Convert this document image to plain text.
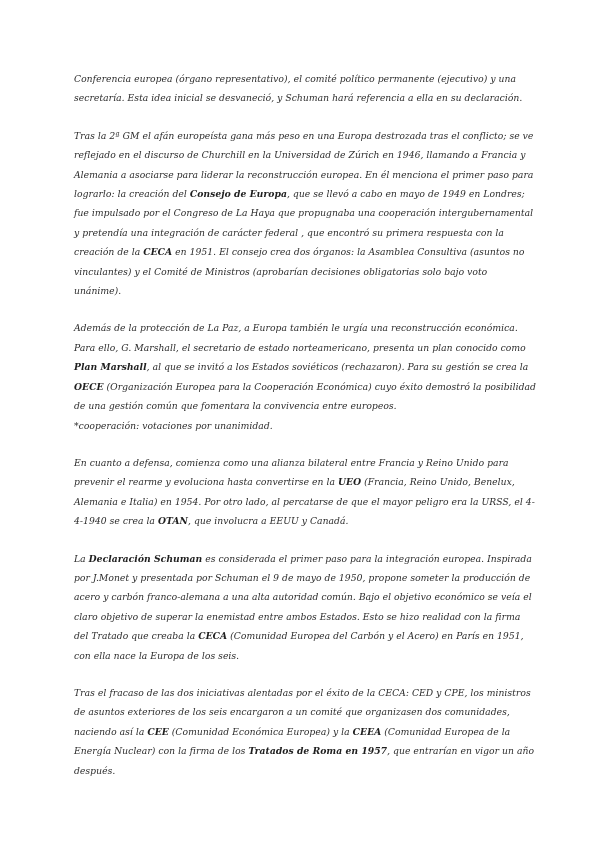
Conferencia europea (órgano representativo), el comité político permanente (ejecutivo) y una secretaría. Esta idea inicial se desvaneció, y Schuman hará referencia a ella en su declaración.

Tras la 2ª GM el afán europeísta gana más peso en una Europa destrozada tras el conflicto; se ve reflejado en el discurso de Churchill en la Universidad de Zúrich en 1946, llamando a Francia y Alemania a asociarse para liderar la reconstrucción europea. En él menciona el primer paso para lograrlo: la creación del Consejo de Europa, que se llevó a cabo en mayo de 1949 en Londres; fue impulsado por el Congreso de La Haya que propugnaba una cooperación intergubernamental y pretendía una integración de carácter federal , que encontró su primera respuesta con la creación de la CECA en 1951. El consejo crea dos órganos: la Asamblea Consultiva (asuntos no vinculantes) y el Comité de Ministros (aprobarían decisiones obligatorias solo bajo voto unánime).

Además de la protección de La Paz, a Europa también le urgía una reconstrucción económica. Para ello, G. Marshall, el secretario de estado norteamericano, presenta un plan conocido como Plan Marshall, al que se invitó a los Estados soviéticos (rechazaron). Para su gestión se crea la OECE (Organización Europea para la Cooperación Económica) cuyo éxito demostró la posibilidad de una gestión común que fomentara la convivencia entre europeos.
*cooperación: votaciones por unanimidad.

En cuanto a defensa, comienza como una alianza bilateral entre Francia y Reino Unido para prevenir el rearme y evoluciona hasta convertirse en la UEO (Francia, Reino Unido, Benelux, Alemania e Italia) en 1954. Por otro lado, al percatarse de que el mayor peligro era la URSS, el 4-4-1940 se crea la OTAN, que involucra a EEUU y Canadá.

La Declaración Schuman es considerada el primer paso para la integración europea. Inspirada por J.Monet y presentada por Schuman el 9 de mayo de 1950, propone someter la producción de acero y carbón franco-alemana a una alta autoridad común. Bajo el objetivo económico se veía el claro objetivo de superar la enemistad entre ambos Estados. Esto se hizo realidad con la firma del Tratado que creaba la CECA (Comunidad Europea del Carbón y el Acero) en París en 1951, con ella nace la Europa de los seis.

Tras el fracaso de las dos iniciativas alentadas por el éxito de la CECA: CED y CPE, los ministros de asuntos exteriores de los seis encargaron a un comité que organizasen dos comunidades, naciendo así la CEE (Comunidad Económica Europea) y la CEEA (Comunidad Europea de la Energía Nuclear) con la firma de los Tratados de Roma en 1957, que entrarían en vigor un año después.
